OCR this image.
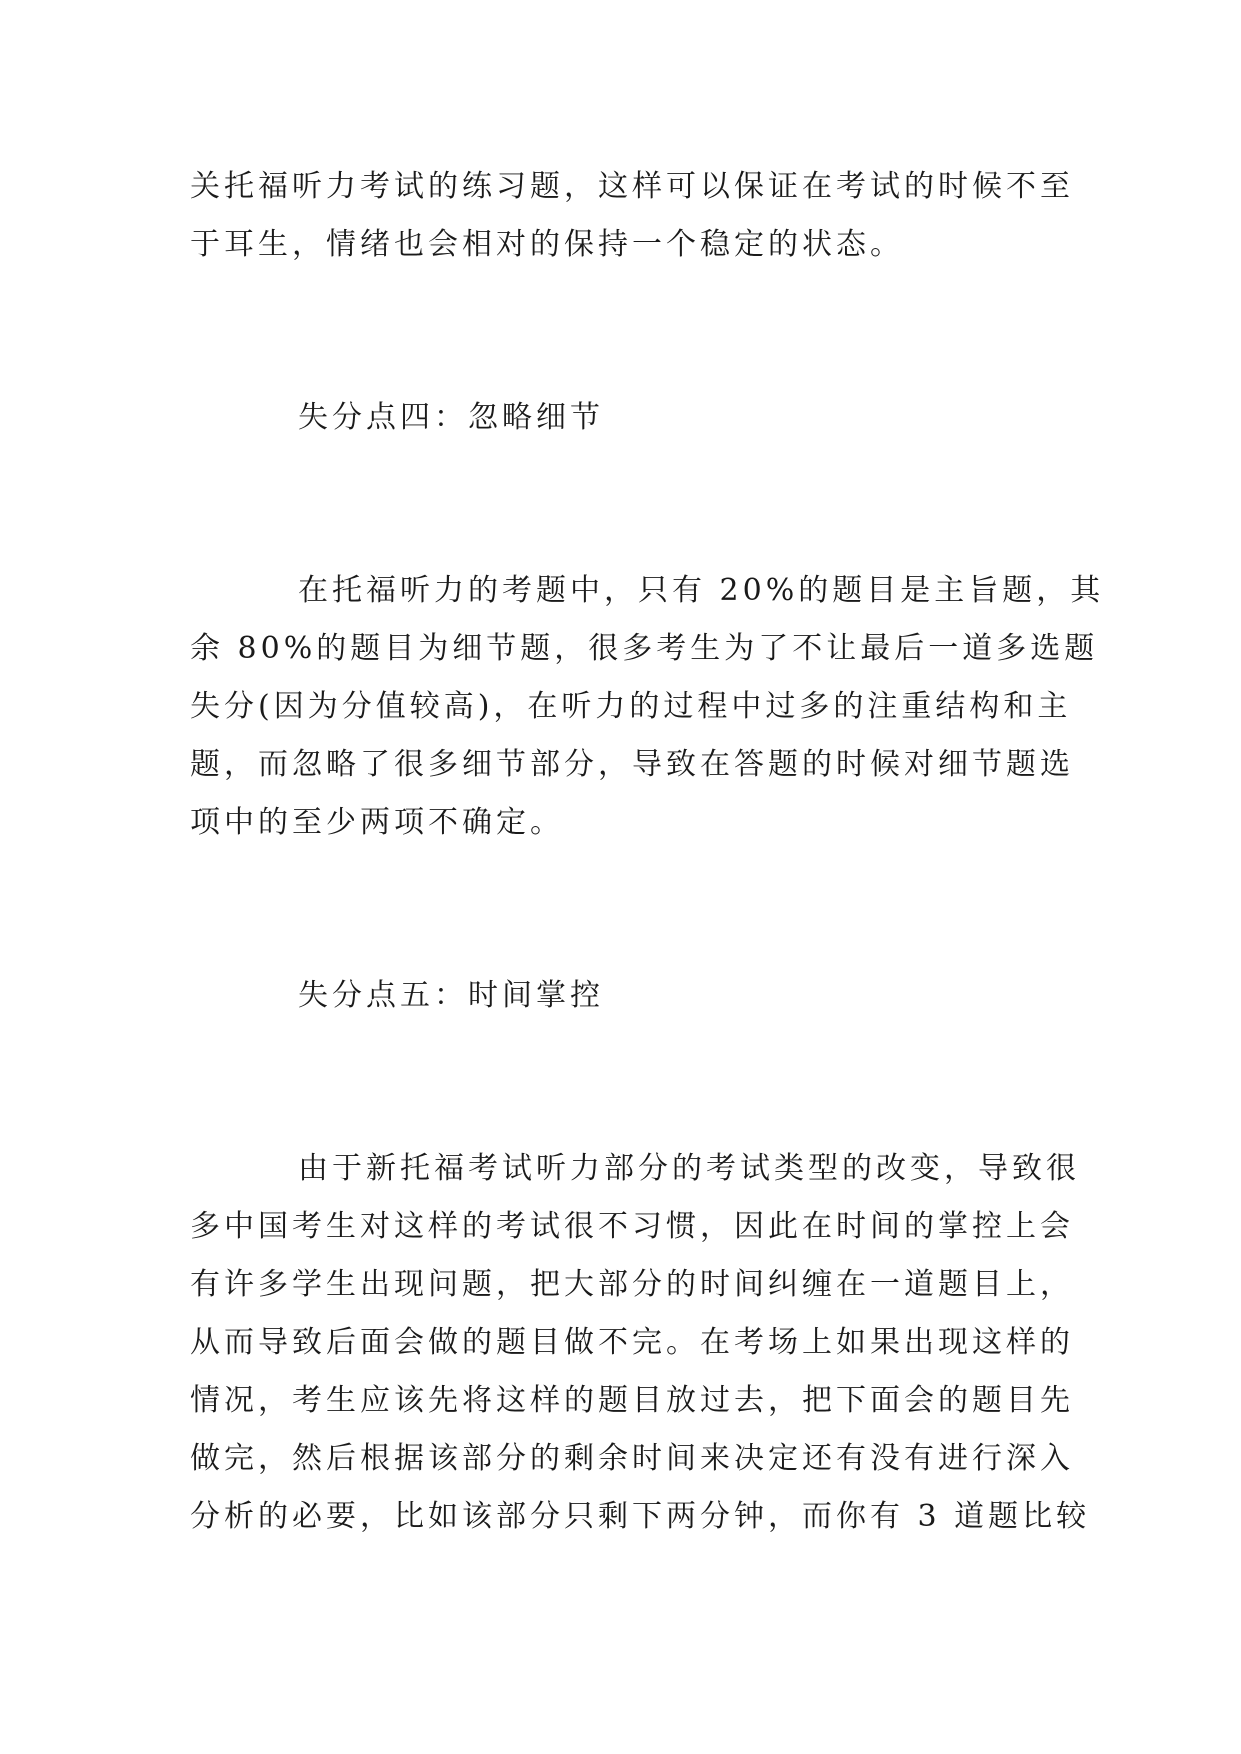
关托福听力考试的练习题，这样可以保证在考试的时候不至
于耳生，情绪也会相对的保持一个稳定的状态。
失分点四：忽略细节
在托福听力的考题中，只有 20%的题目是主旨题，其
余 80%的题目为细节题，很多考生为了不让最后一道多选题
失分(因为分值较高)，在听力的过程中过多的注重结构和主
题，而忽略了很多细节部分，导致在答题的时候对细节题选
项中的至少两项不确定。
失分点五：时间掌控
由于新托福考试听力部分的考试类型的改变，导致很
多中国考生对这样的考试很不习惯，因此在时间的掌控上会
有许多学生出现问题，把大部分的时间纠缠在一道题目上，
从而导致后面会做的题目做不完。在考场上如果出现这样的
情况，考生应该先将这样的题目放过去，把下面会的题目先
做完，然后根据该部分的剩余时间来决定还有没有进行深入
分析的必要，比如该部分只剩下两分钟，而你有 3 道题比较
